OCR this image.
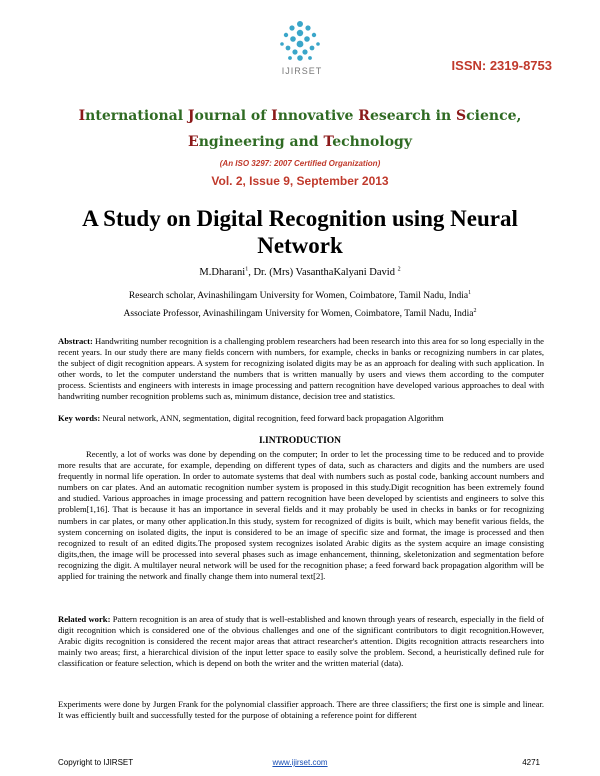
IJIRSET	ISSN: 2319-8753
International Journal of Innovative Research in Science,
Engineering and Technology
(An ISO 3297: 2007 Certified Organization)
Vol. 2, Issue 9, September 2013
A Study on Digital Recognition using Neural Network
M.Dharani$^1$, Dr. (Mrs) VasanthaKalyani David $^2$
Research scholar, Avinashilingam University for Women, Coimbatore, Tamil Nadu, India$^1$
Associate Professor, Avinashilingam University for Women, Coimbatore, Tamil Nadu, India$^2$
Abstract: Handwriting number recognition is a challenging problem researchers had been research into this area for so long especially in the recent years. In our study there are many fields concern with numbers, for example, checks in banks or recognizing numbers in car plates, the subject of digit recognition appears. A system for recognizing isolated digits may be as an approach for dealing with such application. In other words, to let the computer understand the numbers that is written manually by users and views them according to the computer process. Scientists and engineers with interests in image processing and pattern recognition have developed various approaches to deal with handwriting number recognition problems such as, minimum distance, decision tree and statistics.
Key words: Neural network, ANN, segmentation, digital recognition, feed forward back propagation Algorithm
I.INTRODUCTION
Recently, a lot of works was done by depending on the computer; In order to let the processing time to be reduced and to provide more results that are accurate, for example, depending on different types of data, such as characters and digits and the numbers are used frequently in normal life operation. In order to automate systems that deal with numbers such as postal code, banking account numbers and numbers on car plates. And an automatic recognition number system is proposed in this study.Digit recognition has been extremely found and studied. Various approaches in image processing and pattern recognition have been developed by scientists and engineers to solve this problem[1,16]. That is because it has an importance in several fields and it may probably be used in checks in banks or for recognizing numbers in car plates, or many other application.In this study, system for recognized of digits is built, which may benefit various fields, the system concerning on isolated digits, the input is considered to be an image of specific size and format, the image is processed and then recognized to result of an edited digits.The proposed system recognizes isolated Arabic digits as the system acquire an image consisting digits,then, the image will be processed into several phases such as image enhancement, thinning, skeletonization and segmentation before recognizing the digit. A multilayer neural network will be used for the recognition phase; a feed forward back propagation algorithm will be applied for training the network and finally change them into numeral text[2].
Related work: Pattern recognition is an area of study that is well-established and known through years of research, especially in the field of digit recognition which is considered one of the obvious challenges and one of the significant contributors to digit recognition.However, Arabic digits recognition is considered the recent major areas that attract researcher's attention. Digits recognition attracts researchers into mainly two areas; first, a hierarchical division of the input letter space to easily solve the problem. Second, a heuristically defined rule for classification or feature selection, which is depend on both the writer and the written material (data).
Experiments were done by Jurgen Frank for the polynomial classifier approach. There are three classifiers; the first one is simple and linear. It was efficiently built and successfully tested for the purpose of obtaining a reference point for different
Copyright to IJIRSET	www.ijirset.com	4271
